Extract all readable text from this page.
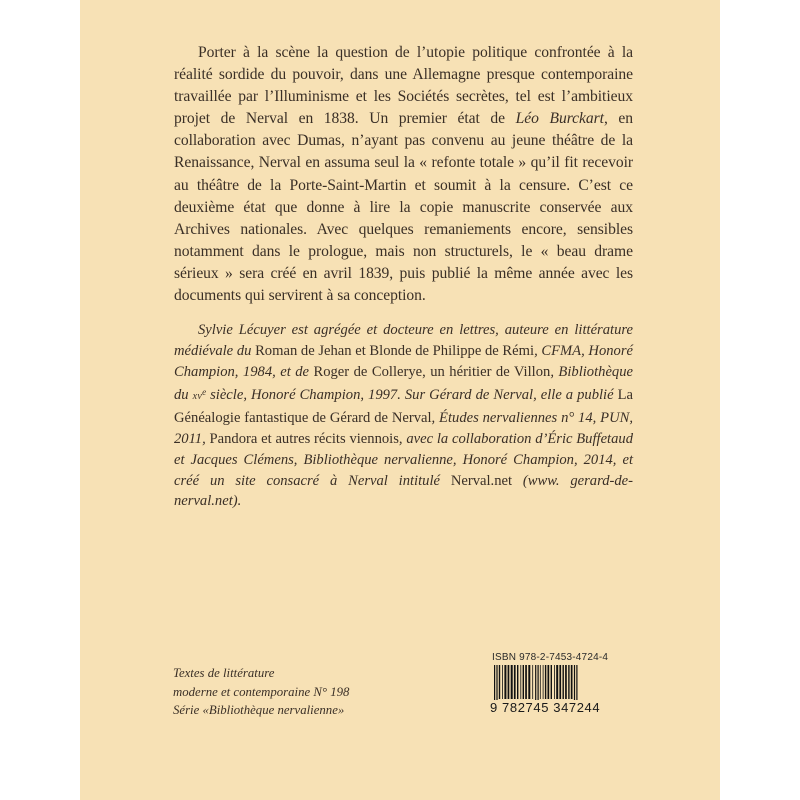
Porter à la scène la question de l’utopie politique confrontée à la réalité sordide du pouvoir, dans une Allemagne presque contemporaine travaillée par l’Illuminisme et les Sociétés secrètes, tel est l’ambitieux projet de Nerval en 1838. Un premier état de Léo Burckart, en collaboration avec Dumas, n’ayant pas convenu au jeune théâtre de la Renaissance, Nerval en assuma seul la « refonte totale » qu’il fit recevoir au théâtre de la Porte-Saint-Martin et soumit à la censure. C’est ce deuxième état que donne à lire la copie manuscrite conservée aux Archives nationales. Avec quelques remaniements encore, sensibles notamment dans le prologue, mais non structurels, le « beau drame sérieux » sera créé en avril 1839, puis publié la même année avec les documents qui servirent à sa conception.

Sylvie Lécuyer est agrégée et docteure en lettres, auteure en littérature médiévale du Roman de Jehan et Blonde de Philippe de Rémi, CFMA, Honoré Champion, 1984, et de Roger de Collerye, un héritier de Villon, Bibliothèque du $xv^e$ siècle, Honoré Champion, 1997. Sur Gérard de Nerval, elle a publié La Généalogie fantastique de Gérard de Nerval, Études nervaliennes n° 14, PUN, 2011, Pandora et autres récits viennois, avec la collaboration d’Éric Buffetaud et Jacques Clémens, Bibliothèque nervalienne, Honoré Champion, 2014, et créé un site consacré à Nerval intitulé Nerval.net (www. gerard-de-nerval.net).
Textes de littérature
moderne et contemporaine N° 198
Série «Bibliothèque nervalienne»
ISBN 978-2-7453-4724-4
9 782745 347244
